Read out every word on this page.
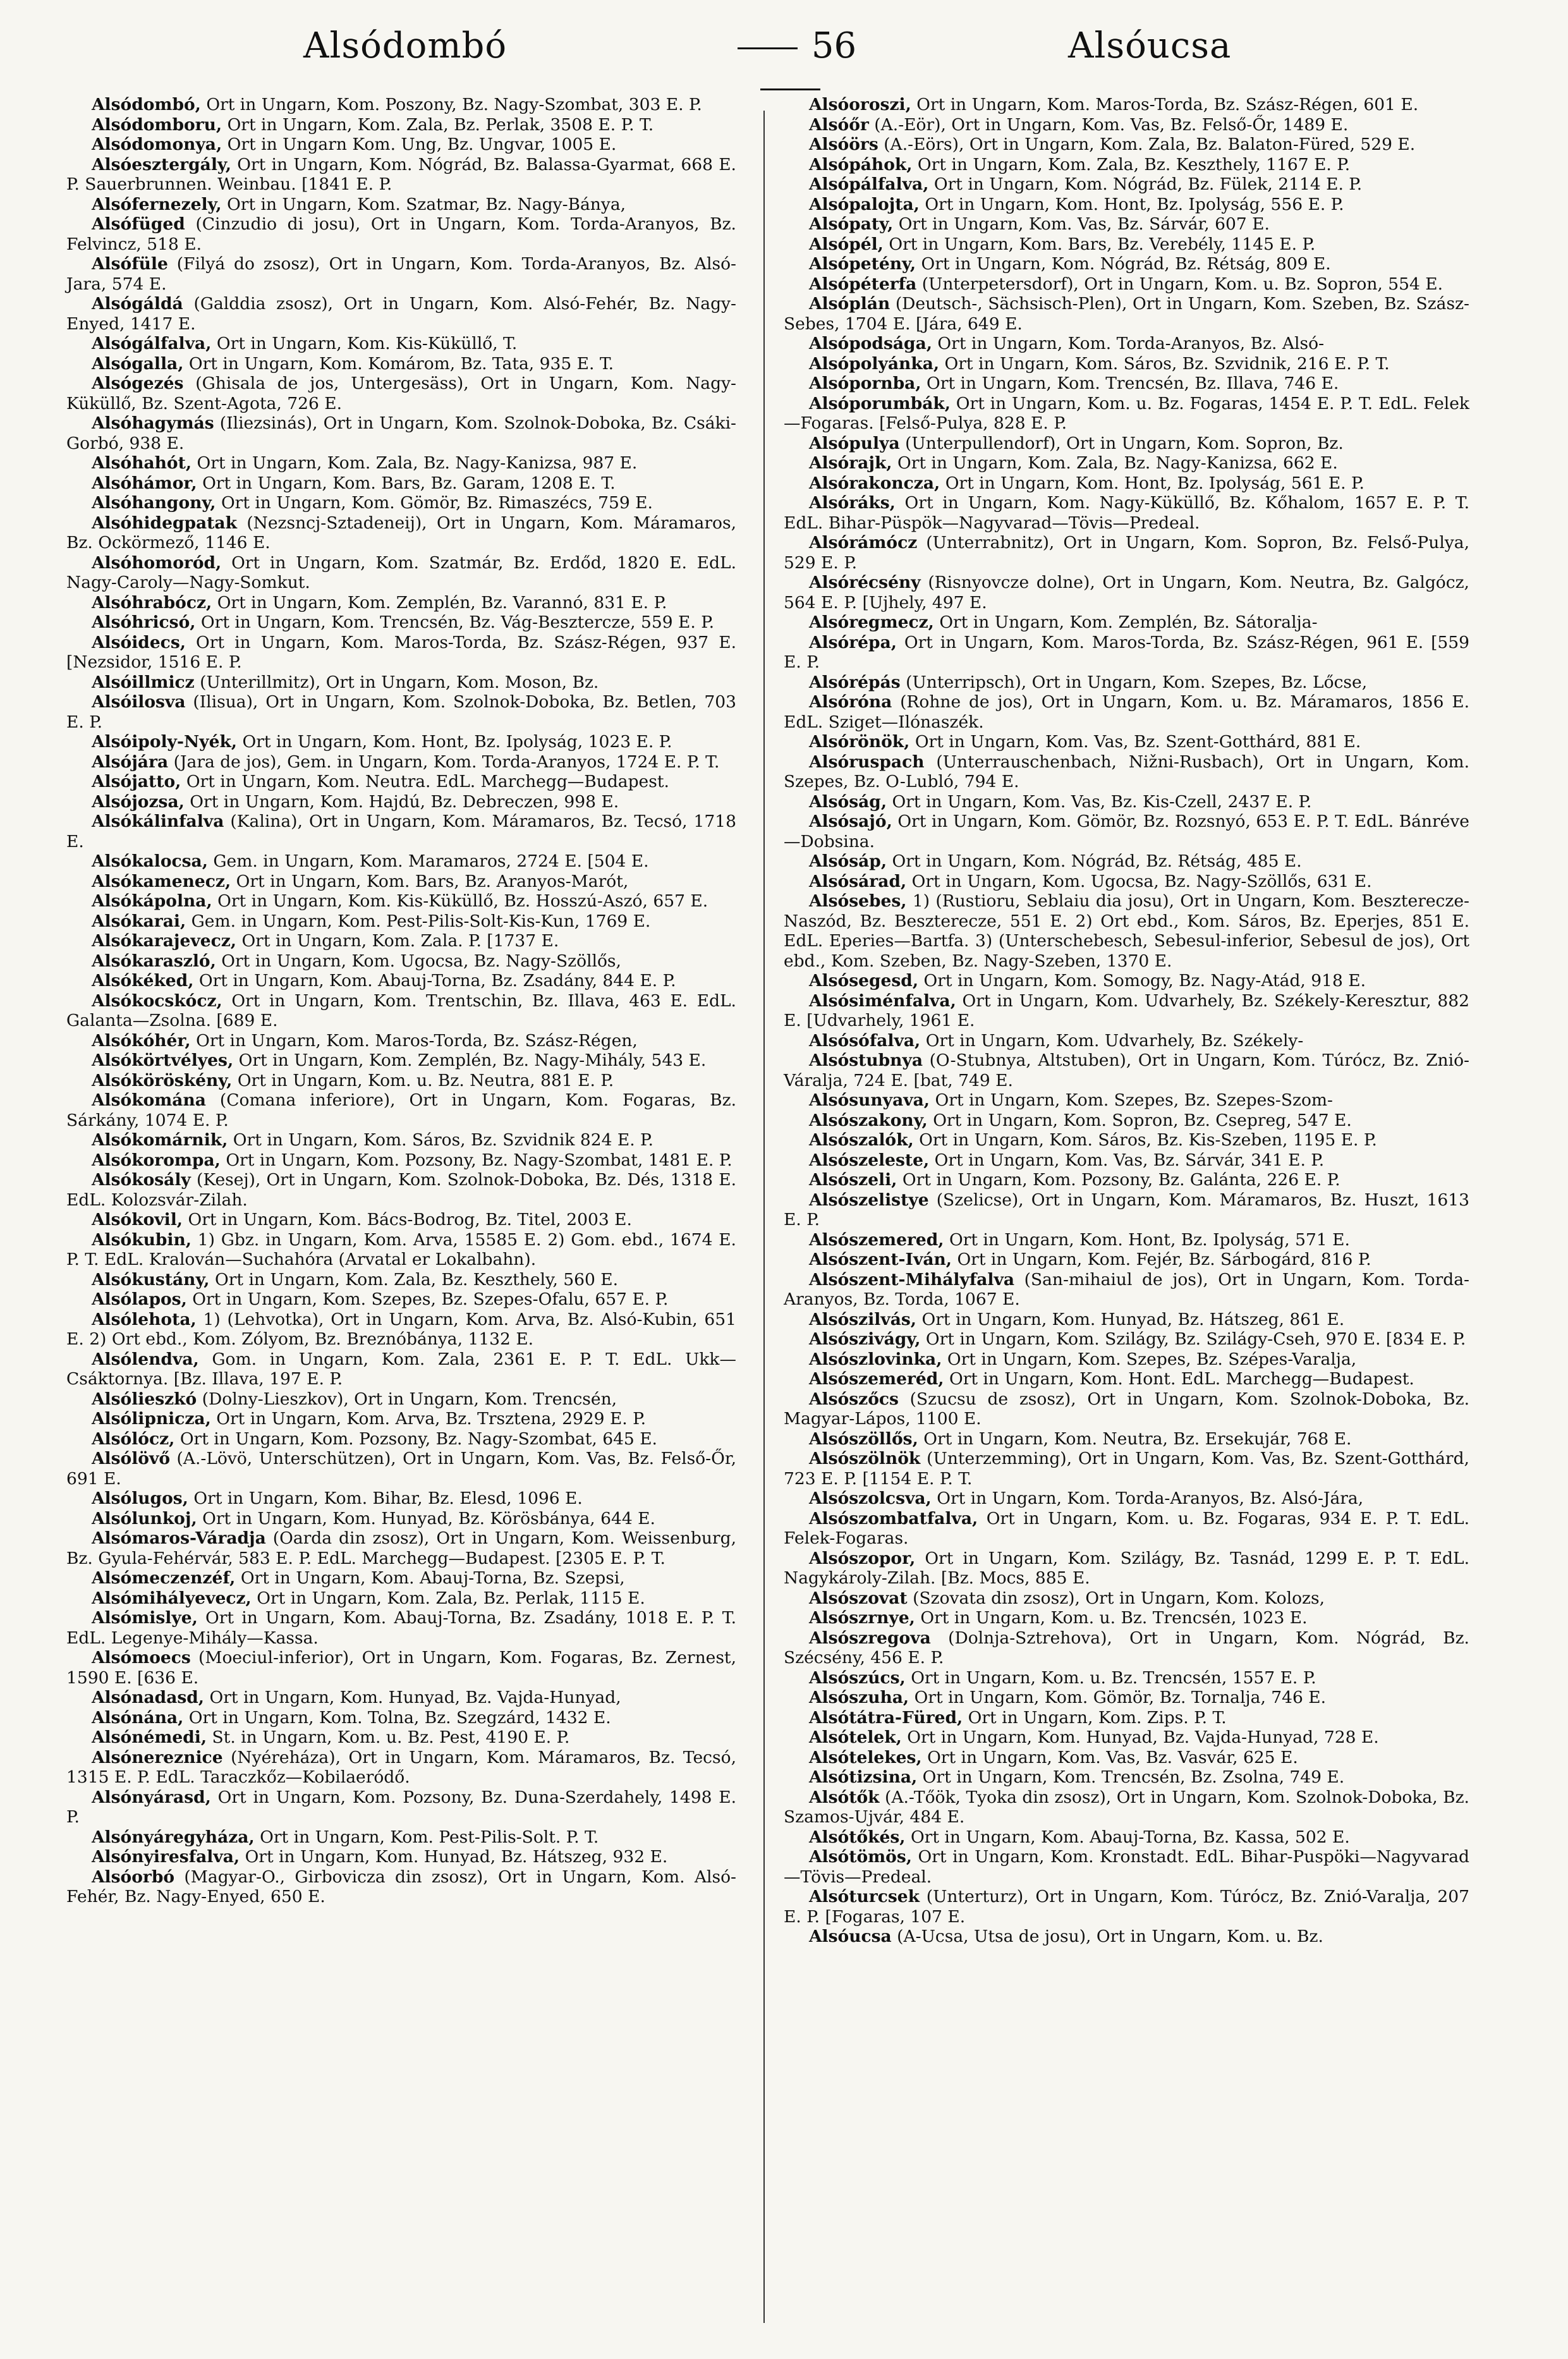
Alsódombó	56	Alsóucsa

Alsódombó, Ort in Ungarn, Kom. Poszony, Bz. Nagy-Szombat, 303 E. P.

Alsódomboru, Ort in Ungarn, Kom. Zala, Bz. Perlak, 3508 E. P. T.

Alsódomonya, Ort in Ungarn Kom. Ung, Bz. Ungvar, 1005 E.

Alsóesztergály, Ort in Ungarn, Kom. Nógrád, Bz. Balassa-Gyarmat, 668 E. P. Sauerbrunnen. Weinbau. [1841 E. P.

Alsófernezely, Ort in Ungarn, Kom. Szatmar, Bz. Nagy-Bánya,

Alsófüged (Cinzudio di josu), Ort in Ungarn, Kom. Torda-Aranyos, Bz. Felvincz, 518 E.

Alsófüle (Filyá do zsosz), Ort in Ungarn, Kom. Torda-Aranyos, Bz. Alsó-Jara, 574 E.

Alsógáldá (Galddia zsosz), Ort in Ungarn, Kom. Alsó-Fehér, Bz. Nagy-Enyed, 1417 E.

Alsógálfalva, Ort in Ungarn, Kom. Kis-Küküllő, T.

Alsógalla, Ort in Ungarn, Kom. Komárom, Bz. Tata, 935 E. T.

Alsógezés (Ghisala de jos, Untergesäss), Ort in Ungarn, Kom. Nagy-Küküllő, Bz. Szent-Agota, 726 E.

Alsóhagymás (Iliezsinás), Ort in Ungarn, Kom. Szolnok-Doboka, Bz. Csáki-Gorbó, 938 E.

Alsóhahót, Ort in Ungarn, Kom. Zala, Bz. Nagy-Kanizsa, 987 E.

Alsóhámor, Ort in Ungarn, Kom. Bars, Bz. Garam, 1208 E. T.

Alsóhangony, Ort in Ungarn, Kom. Gömör, Bz. Rimaszécs, 759 E.

Alsóhidegpatak (Nezsncj-Sztadeneij), Ort in Ungarn, Kom. Máramaros, Bz. Ockörmező, 1146 E.

Alsóhomoród, Ort in Ungarn, Kom. Szatmár, Bz. Erdőd, 1820 E. EdL. Nagy-Caroly—Nagy-Somkut.

Alsóhrabócz, Ort in Ungarn, Kom. Zemplén, Bz. Varannó, 831 E. P.

Alsóhricsó, Ort in Ungarn, Kom. Trencsén, Bz. Vág-Besztercze, 559 E. P.

Alsóidecs, Ort in Ungarn, Kom. Maros-Torda, Bz. Szász-Régen, 937 E. [Nezsidor, 1516 E. P.

Alsóillmicz (Unterillmitz), Ort in Ungarn, Kom. Moson, Bz.

Alsóilosva (Ilisua), Ort in Ungarn, Kom. Szolnok-Doboka, Bz. Betlen, 703 E. P.

Alsóipoly-Nyék, Ort in Ungarn, Kom. Hont, Bz. Ipolyság, 1023 E. P.

Alsójára (Jara de jos), Gem. in Ungarn, Kom. Torda-Aranyos, 1724 E. P. T.

Alsójatto, Ort in Ungarn, Kom. Neutra. EdL. Marchegg—Budapest.

Alsójozsa, Ort in Ungarn, Kom. Hajdú, Bz. Debreczen, 998 E.

Alsókálinfalva (Kalina), Ort in Ungarn, Kom. Máramaros, Bz. Tecsó, 1718 E.

Alsókalocsa, Gem. in Ungarn, Kom. Maramaros, 2724 E. [504 E.

Alsókamenecz, Ort in Ungarn, Kom. Bars, Bz. Aranyos-Marót,

Alsókápolna, Ort in Ungarn, Kom. Kis-Küküllő, Bz. Hosszú-Aszó, 657 E.

Alsókarai, Gem. in Ungarn, Kom. Pest-Pilis-Solt-Kis-Kun, 1769 E.

Alsókarajevecz, Ort in Ungarn, Kom. Zala. P. [1737 E.

Alsókaraszló, Ort in Ungarn, Kom. Ugocsa, Bz. Nagy-Szöllős,

Alsókéked, Ort in Ungarn, Kom. Abauj-Torna, Bz. Zsadány, 844 E. P.

Alsókocskócz, Ort in Ungarn, Kom. Trentschin, Bz. Illava, 463 E. EdL. Galanta—Zsolna. [689 E.

Alsókóhér, Ort in Ungarn, Kom. Maros-Torda, Bz. Szász-Régen,

Alsókörtvélyes, Ort in Ungarn, Kom. Zemplén, Bz. Nagy-Mihály, 543 E.

Alsóköröskény, Ort in Ungarn, Kom. u. Bz. Neutra, 881 E. P.

Alsókomána (Comana inferiore), Ort in Ungarn, Kom. Fogaras, Bz. Sárkány, 1074 E. P.

Alsókomárnik, Ort in Ungarn, Kom. Sáros, Bz. Szvidnik 824 E. P.

Alsókorompa, Ort in Ungarn, Kom. Pozsony, Bz. Nagy-Szombat, 1481 E. P.

Alsókosály (Kesej), Ort in Ungarn, Kom. Szolnok-Doboka, Bz. Dés, 1318 E. EdL. Kolozsvár-Zilah.

Alsókovil, Ort in Ungarn, Kom. Bács-Bodrog, Bz. Titel, 2003 E.

Alsókubin, 1) Gbz. in Ungarn, Kom. Arva, 15585 E. 2) Gom. ebd., 1674 E. P. T. EdL. Kralován—Suchahóra (Arvatal er Lokalbahn).

Alsókustány, Ort in Ungarn, Kom. Zala, Bz. Keszthely, 560 E.

Alsólapos, Ort in Ungarn, Kom. Szepes, Bz. Szepes-Ofalu, 657 E. P.

Alsólehota, 1) (Lehvotka), Ort in Ungarn, Kom. Arva, Bz. Alsó-Kubin, 651 E. 2) Ort ebd., Kom. Zólyom, Bz. Breznóbánya, 1132 E.

Alsólendva, Gom. in Ungarn, Kom. Zala, 2361 E. P. T. EdL. Ukk—Csáktornya. [Bz. Illava, 197 E. P.

Alsólieszkó (Dolny-Lieszkov), Ort in Ungarn, Kom. Trencsén,

Alsólipnicza, Ort in Ungarn, Kom. Arva, Bz. Trsztena, 2929 E. P.

Alsólócz, Ort in Ungarn, Kom. Pozsony, Bz. Nagy-Szombat, 645 E.

Alsólövő (A.-Lövö, Unterschützen), Ort in Ungarn, Kom. Vas, Bz. Felső-Őr, 691 E.

Alsólugos, Ort in Ungarn, Kom. Bihar, Bz. Elesd, 1096 E.

Alsólunkoj, Ort in Ungarn, Kom. Hunyad, Bz. Körösbánya, 644 E.

Alsómaros-Váradja (Oarda din zsosz), Ort in Ungarn, Kom. Weissenburg, Bz. Gyula-Fehérvár, 583 E. P. EdL. Marchegg—Budapest. [2305 E. P. T.

Alsómeczenzéf, Ort in Ungarn, Kom. Abauj-Torna, Bz. Szepsi,

Alsómihályevecz, Ort in Ungarn, Kom. Zala, Bz. Perlak, 1115 E.

Alsómislye, Ort in Ungarn, Kom. Abauj-Torna, Bz. Zsadány, 1018 E. P. T. EdL. Legenye-Mihály—Kassa.

Alsómoecs (Moeciul-inferior), Ort in Ungarn, Kom. Fogaras, Bz. Zernest, 1590 E. [636 E.

Alsónadasd, Ort in Ungarn, Kom. Hunyad, Bz. Vajda-Hunyad,

Alsónána, Ort in Ungarn, Kom. Tolna, Bz. Szegzárd, 1432 E.

Alsónémedi, St. in Ungarn, Kom. u. Bz. Pest, 4190 E. P.

Alsónereznice (Nyéreháza), Ort in Ungarn, Kom. Máramaros, Bz. Tecsó, 1315 E. P. EdL. Taraczkőz—Kobilaeródő.

Alsónyárasd, Ort in Ungarn, Kom. Pozsony, Bz. Duna-Szerdahely, 1498 E. P.

Alsónyáregyháza, Ort in Ungarn, Kom. Pest-Pilis-Solt. P. T.

Alsónyiresfalva, Ort in Ungarn, Kom. Hunyad, Bz. Hátszeg, 932 E.

Alsóorbó (Magyar-O., Girbovicza din zsosz), Ort in Ungarn, Kom. Alsó-Fehér, Bz. Nagy-Enyed, 650 E.

Alsóoroszi, Ort in Ungarn, Kom. Maros-Torda, Bz. Szász-Régen, 601 E.

Alsóőr (A.-Eör), Ort in Ungarn, Kom. Vas, Bz. Felső-Őr, 1489 E.

Alsóörs (A.-Eörs), Ort in Ungarn, Kom. Zala, Bz. Balaton-Füred, 529 E.

Alsópáhok, Ort in Ungarn, Kom. Zala, Bz. Keszthely, 1167 E. P.

Alsópálfalva, Ort in Ungarn, Kom. Nógrád, Bz. Fülek, 2114 E. P.

Alsópalojta, Ort in Ungarn, Kom. Hont, Bz. Ipolyság, 556 E. P.

Alsópaty, Ort in Ungarn, Kom. Vas, Bz. Sárvár, 607 E.

Alsópél, Ort in Ungarn, Kom. Bars, Bz. Verebély, 1145 E. P.

Alsópetény, Ort in Ungarn, Kom. Nógrád, Bz. Rétság, 809 E.

Alsópéterfa (Unterpetersdorf), Ort in Ungarn, Kom. u. Bz. Sopron, 554 E.

Alsóplán (Deutsch-, Sächsisch-Plen), Ort in Ungarn, Kom. Szeben, Bz. Szász-Sebes, 1704 E. [Jára, 649 E.

Alsópodsága, Ort in Ungarn, Kom. Torda-Aranyos, Bz. Alsó-

Alsópolyánka, Ort in Ungarn, Kom. Sáros, Bz. Szvidnik, 216 E. P. T.

Alsópornba, Ort in Ungarn, Kom. Trencsén, Bz. Illava, 746 E.

Alsóporumbák, Ort in Ungarn, Kom. u. Bz. Fogaras, 1454 E. P. T. EdL. Felek—Fogaras. [Felső-Pulya, 828 E. P.

Alsópulya (Unterpullendorf), Ort in Ungarn, Kom. Sopron, Bz.

Alsórajk, Ort in Ungarn, Kom. Zala, Bz. Nagy-Kanizsa, 662 E.

Alsórakoncza, Ort in Ungarn, Kom. Hont, Bz. Ipolyság, 561 E. P.

Alsóráks, Ort in Ungarn, Kom. Nagy-Küküllő, Bz. Kőhalom, 1657 E. P. T. EdL. Bihar-Püspök—Nagyvarad—Tövis—Predeal.

Alsórámócz (Unterrabnitz), Ort in Ungarn, Kom. Sopron, Bz. Felső-Pulya, 529 E. P.

Alsórécsény (Risnyovcze dolne), Ort in Ungarn, Kom. Neutra, Bz. Galgócz, 564 E. P. [Ujhely, 497 E.

Alsóregmecz, Ort in Ungarn, Kom. Zemplén, Bz. Sátoralja-

Alsórépa, Ort in Ungarn, Kom. Maros-Torda, Bz. Szász-Régen, 961 E. [559 E. P.

Alsórépás (Unterripsch), Ort in Ungarn, Kom. Szepes, Bz. Lőcse,

Alsóróna (Rohne de jos), Ort in Ungarn, Kom. u. Bz. Máramaros, 1856 E. EdL. Sziget—Ilónaszék.

Alsórönök, Ort in Ungarn, Kom. Vas, Bz. Szent-Gotthárd, 881 E.

Alsóruspach (Unterrauschenbach, Nižni-Rusbach), Ort in Ungarn, Kom. Szepes, Bz. O-Lubló, 794 E.

Alsóság, Ort in Ungarn, Kom. Vas, Bz. Kis-Czell, 2437 E. P.

Alsósajó, Ort in Ungarn, Kom. Gömör, Bz. Rozsnyó, 653 E. P. T. EdL. Bánréve—Dobsina.

Alsósáp, Ort in Ungarn, Kom. Nógrád, Bz. Rétság, 485 E.

Alsósárad, Ort in Ungarn, Kom. Ugocsa, Bz. Nagy-Szöllős, 631 E.

Alsósebes, 1) (Rustioru, Seblaiu dia josu), Ort in Ungarn, Kom. Beszterecze-Naszód, Bz. Beszterecze, 551 E. 2) Ort ebd., Kom. Sáros, Bz. Eperjes, 851 E. EdL. Eperies—Bartfa. 3) (Unterschebesch, Sebesul-inferior, Sebesul de jos), Ort ebd., Kom. Szeben, Bz. Nagy-Szeben, 1370 E.

Alsósegesd, Ort in Ungarn, Kom. Somogy, Bz. Nagy-Atád, 918 E.

Alsósiménfalva, Ort in Ungarn, Kom. Udvarhely, Bz. Székely-Keresztur, 882 E. [Udvarhely, 1961 E.

Alsósófalva, Ort in Ungarn, Kom. Udvarhely, Bz. Székely-

Alsóstubnya (O-Stubnya, Altstuben), Ort in Ungarn, Kom. Túrócz, Bz. Znió-Váralja, 724 E. [bat, 749 E.

Alsósunyava, Ort in Ungarn, Kom. Szepes, Bz. Szepes-Szom-

Alsószakony, Ort in Ungarn, Kom. Sopron, Bz. Csepreg, 547 E.

Alsószalók, Ort in Ungarn, Kom. Sáros, Bz. Kis-Szeben, 1195 E. P.

Alsószeleste, Ort in Ungarn, Kom. Vas, Bz. Sárvár, 341 E. P.

Alsószeli, Ort in Ungarn, Kom. Pozsony, Bz. Galánta, 226 E. P.

Alsószelistye (Szelicse), Ort in Ungarn, Kom. Máramaros, Bz. Huszt, 1613 E. P.

Alsószemered, Ort in Ungarn, Kom. Hont, Bz. Ipolyság, 571 E.

Alsószent-Iván, Ort in Ungarn, Kom. Fejér, Bz. Sárbogárd, 816 P.

Alsószent-Mihályfalva (San-mihaiul de jos), Ort in Ungarn, Kom. Torda-Aranyos, Bz. Torda, 1067 E.

Alsószilvás, Ort in Ungarn, Kom. Hunyad, Bz. Hátszeg, 861 E.

Alsószivágy, Ort in Ungarn, Kom. Szilágy, Bz. Szilágy-Cseh, 970 E. [834 E. P.

Alsószlovinka, Ort in Ungarn, Kom. Szepes, Bz. Szépes-Varalja,

Alsószemeréd, Ort in Ungarn, Kom. Hont. EdL. Marchegg—Budapest.

Alsószőcs (Szucsu de zsosz), Ort in Ungarn, Kom. Szolnok-Doboka, Bz. Magyar-Lápos, 1100 E.

Alsószöllős, Ort in Ungarn, Kom. Neutra, Bz. Ersekujár, 768 E.

Alsószölnök (Unterzemming), Ort in Ungarn, Kom. Vas, Bz. Szent-Gotthárd, 723 E. P. [1154 E. P. T.

Alsószolcsva, Ort in Ungarn, Kom. Torda-Aranyos, Bz. Alsó-Jára,

Alsószombatfalva, Ort in Ungarn, Kom. u. Bz. Fogaras, 934 E. P. T. EdL. Felek-Fogaras.

Alsószopor, Ort in Ungarn, Kom. Szilágy, Bz. Tasnád, 1299 E. P. T. EdL. Nagykároly-Zilah. [Bz. Mocs, 885 E.

Alsószovat (Szovata din zsosz), Ort in Ungarn, Kom. Kolozs,

Alsószrnye, Ort in Ungarn, Kom. u. Bz. Trencsén, 1023 E.

Alsószregova (Dolnja-Sztrehova), Ort in Ungarn, Kom. Nógrád, Bz. Szécsény, 456 E. P.

Alsószúcs, Ort in Ungarn, Kom. u. Bz. Trencsén, 1557 E. P.

Alsószuha, Ort in Ungarn, Kom. Gömör, Bz. Tornalja, 746 E.

Alsótátra-Füred, Ort in Ungarn, Kom. Zips. P. T.

Alsótelek, Ort in Ungarn, Kom. Hunyad, Bz. Vajda-Hunyad, 728 E.

Alsótelekes, Ort in Ungarn, Kom. Vas, Bz. Vasvár, 625 E.

Alsótizsina, Ort in Ungarn, Kom. Trencsén, Bz. Zsolna, 749 E.

Alsótők (A.-Tőök, Tyoka din zsosz), Ort in Ungarn, Kom. Szolnok-Doboka, Bz. Szamos-Ujvár, 484 E.

Alsótőkés, Ort in Ungarn, Kom. Abauj-Torna, Bz. Kassa, 502 E.

Alsótömös, Ort in Ungarn, Kom. Kronstadt. EdL. Bihar-Puspöki—Nagyvarad—Tövis—Predeal.

Alsóturcsek (Unterturz), Ort in Ungarn, Kom. Túrócz, Bz. Znió-Varalja, 207 E. P. [Fogaras, 107 E.

Alsóucsa (A-Ucsa, Utsa de josu), Ort in Ungarn, Kom. u. Bz.
